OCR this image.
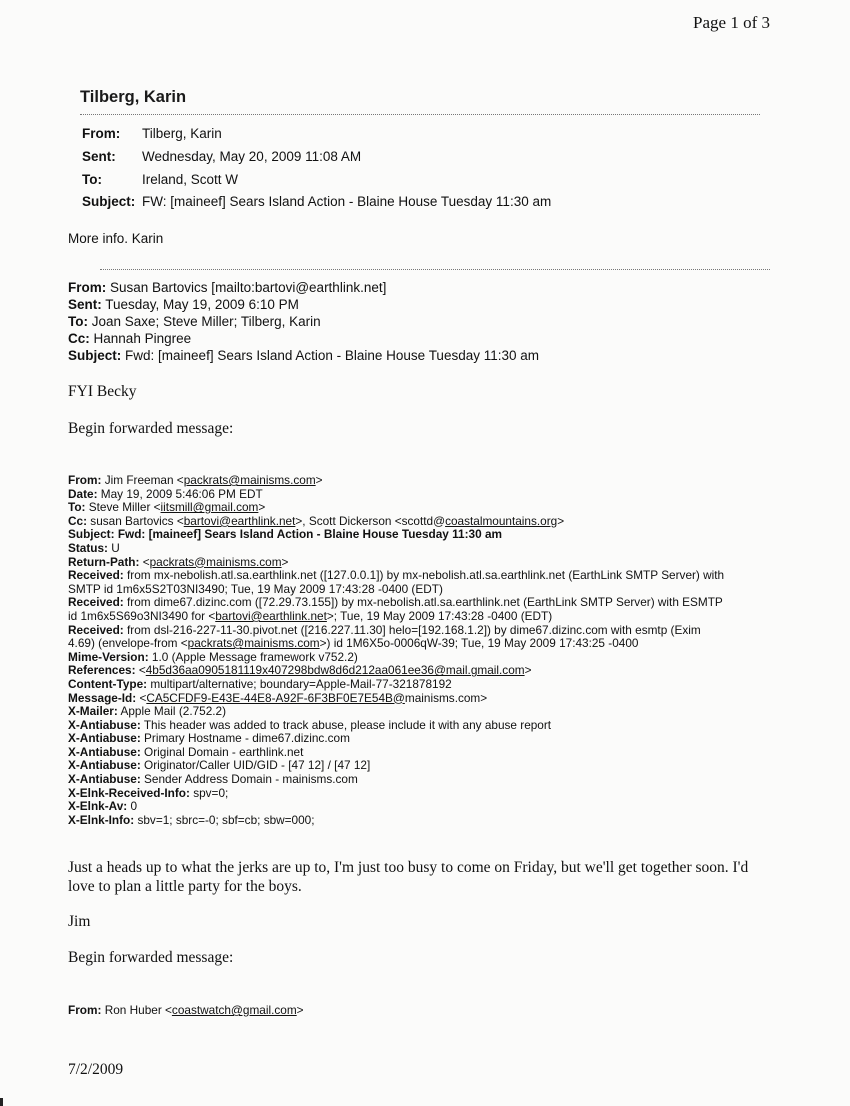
Page 1 of 3
Tilberg, Karin
From: Tilberg, Karin
Sent: Wednesday, May 20, 2009 11:08 AM
To:	Ireland, Scott W
Subject: FW: [maineef] Sears Island Action - Blaine House Tuesday 11:30 am
More info. Karin
From: Susan Bartovics [mailto:bartovi@earthlink.net]
Sent: Tuesday, May 19, 2009 6:10 PM
To: Joan Saxe; Steve Miller; Tilberg, Karin
Cc: Hannah Pingree
Subject: Fwd: [maineef] Sears Island Action - Blaine House Tuesday 11:30 am
FYI Becky
Begin forwarded message:
From: Jim Freeman <packrats@mainisms.com>
Date: May 19, 2009 5:46:06 PM EDT
To: Steve Miller <iitsmill@gmail.com>
Cc: susan Bartovics <bartovi@earthlink.net>, Scott Dickerson <scottd@coastalmountains.org>
Subject: Fwd: [maineef] Sears Island Action - Blaine House Tuesday 11:30 am
Status: U
Return-Path: <packrats@mainisms.com>
Received: from mx-nebolish.atl.sa.earthlink.net ([127.0.0.1]) by mx-nebolish.atl.sa.earthlink.net (EarthLink SMTP Server) with
SMTP id 1m6x5S2T03NI3490; Tue, 19 May 2009 17:43:28 -0400 (EDT)
Received: from dime67.dizinc.com ([72.29.73.155]) by mx-nebolish.atl.sa.earthlink.net (EarthLink SMTP Server) with ESMTP
id 1m6x5S69o3NI3490 for <bartovi@earthlink.net>; Tue, 19 May 2009 17:43:28 -0400 (EDT)
Received: from dsl-216-227-11-30.pivot.net ([216.227.11.30] helo=[192.168.1.2]) by dime67.dizinc.com with esmtp (Exim
4.69) (envelope-from <packrats@mainisms.com>) id 1M6X5o-0006qW-39; Tue, 19 May 2009 17:43:25 -0400
Mime-Version: 1.0 (Apple Message framework v752.2)
References: <4b5d36aa0905181119x407298bdw8d6d212aa061ee36@mail.gmail.com>
Content-Type: multipart/alternative; boundary=Apple-Mail-77-321878192
Message-Id: <CA5CFDF9-E43E-44E8-A92F-6F3BF0E7E54B@mainisms.com>
X-Mailer: Apple Mail (2.752.2)
X-Antiabuse: This header was added to track abuse, please include it with any abuse report
X-Antiabuse: Primary Hostname - dime67.dizinc.com
X-Antiabuse: Original Domain - earthlink.net
X-Antiabuse: Originator/Caller UID/GID - [47 12] / [47 12]
X-Antiabuse: Sender Address Domain - mainisms.com
X-Elnk-Received-Info: spv=0;
X-Elnk-Av: 0
X-Elnk-Info: sbv=1; sbrc=-0; sbf=cb; sbw=000;
Just a heads up to what the jerks are up to, I'm just too busy to come on Friday, but we'll get together soon. I'd love to plan a little party for the boys.
Jim
Begin forwarded message:
From: Ron Huber <coastwatch@gmail.com>
7/2/2009
